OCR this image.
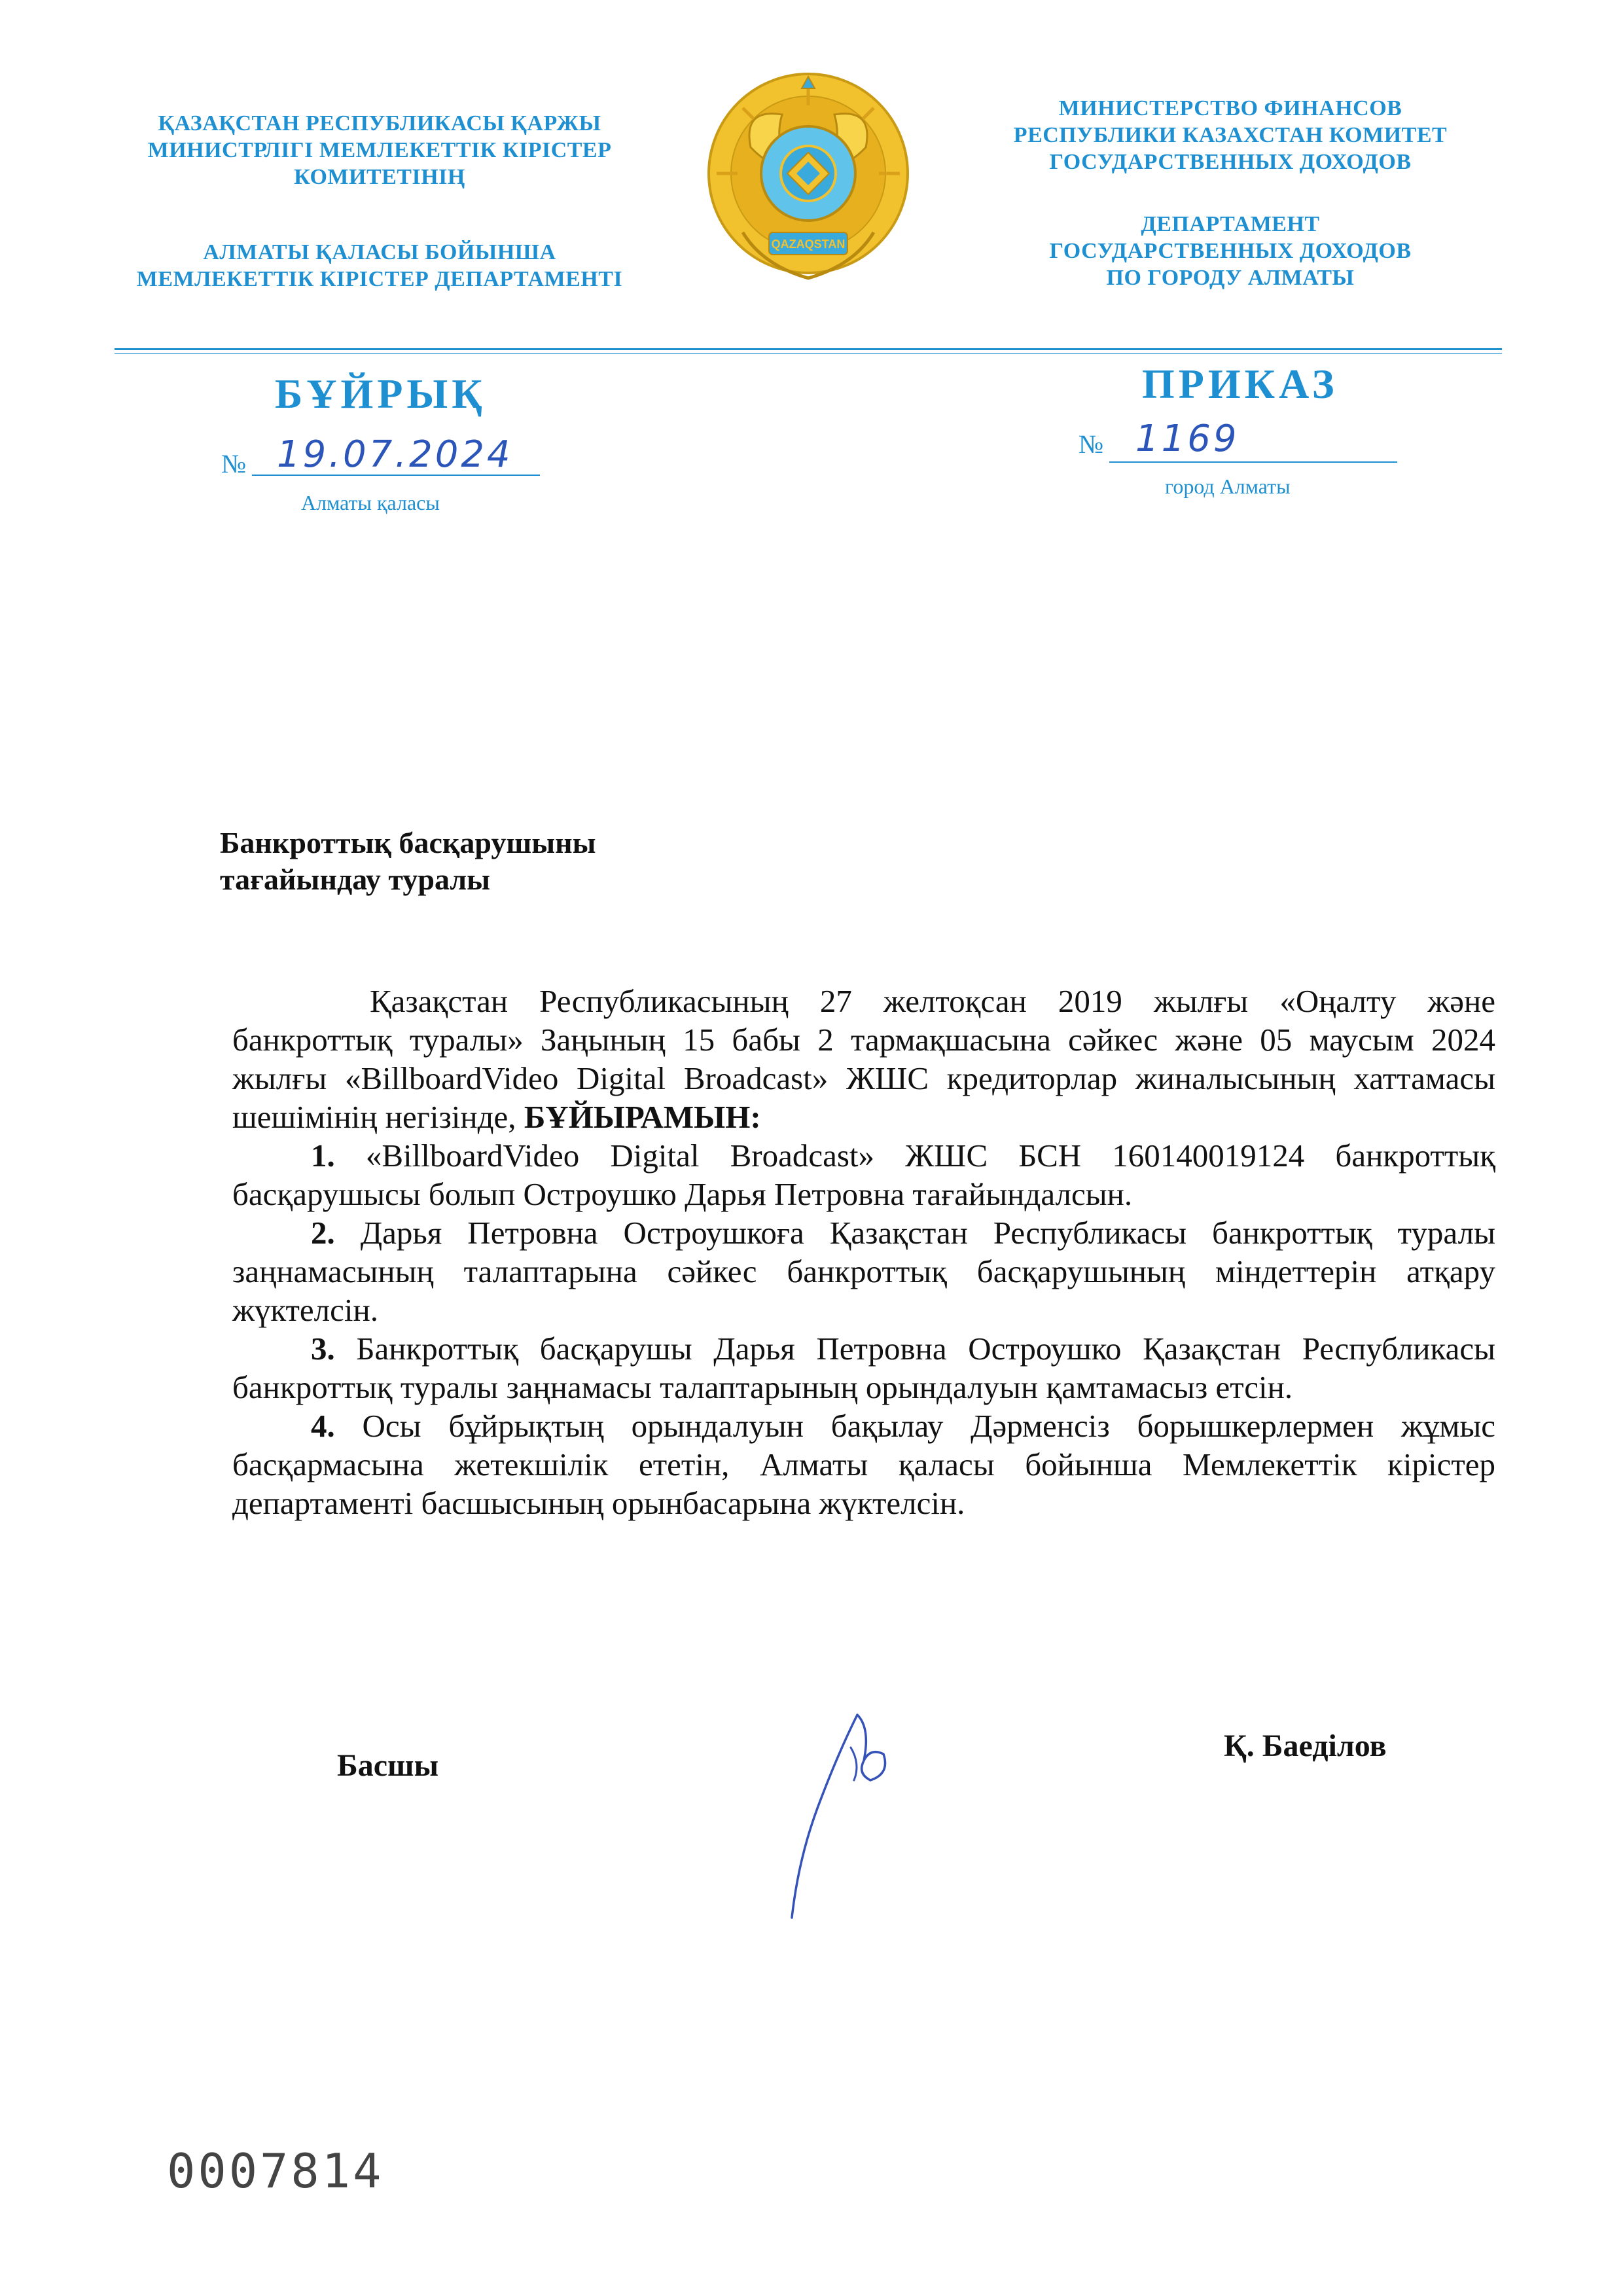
ҚАЗАҚСТАН РЕСПУБЛИКАСЫ ҚАРЖЫ
МИНИСТРЛІГІ МЕМЛЕКЕТТІК КІРІСТЕР
КОМИТЕТІНІҢ
АЛМАТЫ ҚАЛАСЫ БОЙЫНША
МЕМЛЕКЕТТІК КІРІСТЕР ДЕПАРТАМЕНТІ
QAZAQSTAN
МИНИСТЕРСТВО ФИНАНСОВ
РЕСПУБЛИКИ КАЗАХСТАН КОМИТЕТ
ГОСУДАРСТВЕННЫХ ДОХОДОВ
ДЕПАРТАМЕНТ
ГОСУДАРСТВЕННЫХ ДОХОДОВ
ПО ГОРОДУ АЛМАТЫ
БҰЙРЫҚ	ПРИКАЗ
№ 19.07.2024
Алматы қаласы
№ 1169
город Алматы
Банкроттық басқарушыны
тағайындау туралы

Қазақстан Республикасының 27 желтоқсан 2019 жылғы «Оңалту және банкроттық туралы» Заңының 15 бабы 2 тармақшасына сәйкес және 05 маусым 2024 жылғы «BillboardVideo Digital Broadcast» ЖШС кредиторлар жиналысының хаттамасы шешімінің негізінде, БҰЙЫРАМЫН:

1. «BillboardVideo Digital Broadcast» ЖШС БСН 160140019124 банкроттық басқарушысы болып Остроушко Дарья Петровна тағайындалсын.

2. Дарья Петровна Остроушкоға Қазақстан Республикасы банкроттық туралы заңнамасының талаптарына сәйкес банкроттық басқарушының міндеттерін атқару жүктелсін.

3. Банкроттық басқарушы Дарья Петровна Остроушко Қазақстан Республикасы банкроттық туралы заңнамасы талаптарының орындалуын қамтамасыз етсін.

4. Осы бұйрықтың орындалуын бақылау Дәрменсіз борышкерлермен жұмыс басқармасына жетекшілік ететін, Алматы қаласы бойынша Мемлекеттік кірістер департаменті басшысының орынбасарына жүктелсін.

Басшы
Қ. Баеділов
0007814
